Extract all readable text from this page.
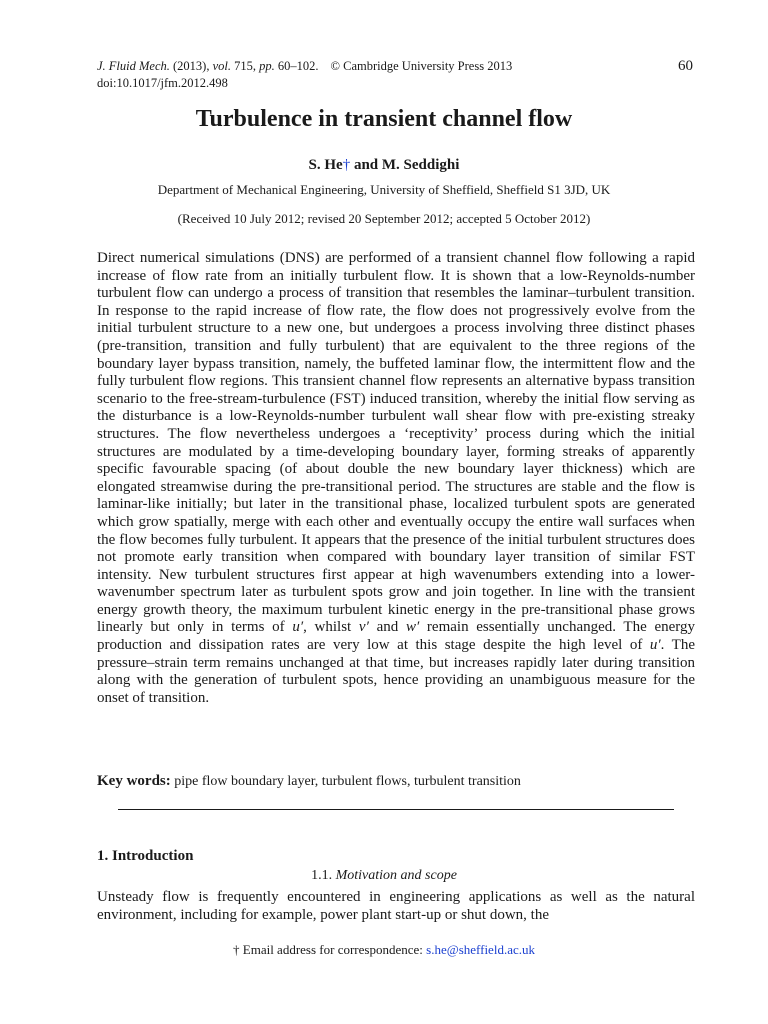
J. Fluid Mech. (2013), vol. 715, pp. 60–102. © Cambridge University Press 2013
doi:10.1017/jfm.2012.498
60
Turbulence in transient channel flow
S. He† and M. Seddighi
Department of Mechanical Engineering, University of Sheffield, Sheffield S1 3JD, UK
(Received 10 July 2012; revised 20 September 2012; accepted 5 October 2012)

Direct numerical simulations (DNS) are performed of a transient channel flow following a rapid increase of flow rate from an initially turbulent flow. It is shown that a low-Reynolds-number turbulent flow can undergo a process of transition that resembles the laminar–turbulent transition. In response to the rapid increase of flow rate, the flow does not progressively evolve from the initial turbulent structure to a new one, but undergoes a process involving three distinct phases (pre-transition, transition and fully turbulent) that are equivalent to the three regions of the boundary layer bypass transition, namely, the buffeted laminar flow, the intermittent flow and the fully turbulent flow regions. This transient channel flow represents an alternative bypass transition scenario to the free-stream-turbulence (FST) induced transition, whereby the initial flow serving as the disturbance is a low-Reynolds-number turbulent wall shear flow with pre-existing streaky structures. The flow nevertheless undergoes a ‘receptivity’ process during which the initial structures are modulated by a time-developing boundary layer, forming streaks of apparently specific favourable spacing (of about double the new boundary layer thickness) which are elongated streamwise during the pre-transitional period. The structures are stable and the flow is laminar-like initially; but later in the transitional phase, localized turbulent spots are generated which grow spatially, merge with each other and eventually occupy the entire wall surfaces when the flow becomes fully turbulent. It appears that the presence of the initial turbulent structures does not promote early transition when compared with boundary layer transition of similar FST intensity. New turbulent structures first appear at high wavenumbers extending into a lower-wavenumber spectrum later as turbulent spots grow and join together. In line with the transient energy growth theory, the maximum turbulent kinetic energy in the pre-transitional phase grows linearly but only in terms of u′, whilst v′ and w′ remain essentially unchanged. The energy production and dissipation rates are very low at this stage despite the high level of u′. The pressure–strain term remains unchanged at that time, but increases rapidly later during transition along with the generation of turbulent spots, hence providing an unambiguous measure for the onset of transition.

Key words: pipe flow boundary layer, turbulent flows, turbulent transition
1. Introduction
1.1. Motivation and scope

Unsteady flow is frequently encountered in engineering applications as well as the natural environment, including for example, power plant start-up or shut down, the

† Email address for correspondence: s.he@sheffield.ac.uk
